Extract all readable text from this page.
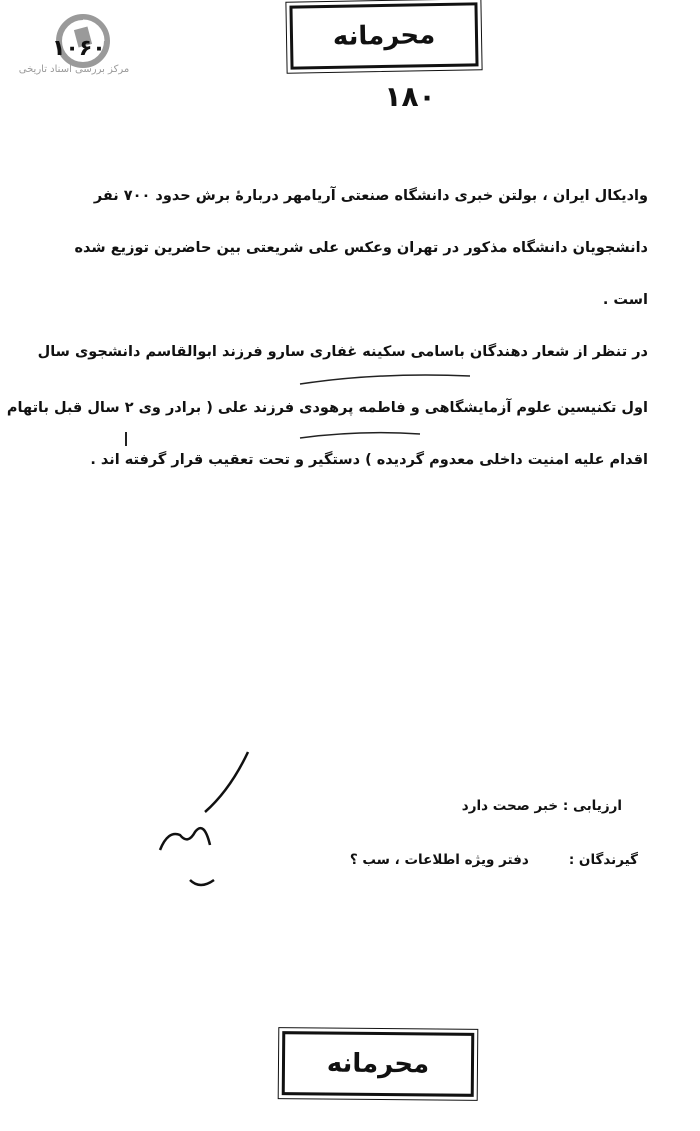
۱۰۶۰
مرکز بررسی اسناد تاریخی
محرمانه
۱۸۰
وادیکال ایران ، بولتن خبری دانشگاه صنعتی آریامهر دربارهٔ برش حدود ۷۰۰ نفر
دانشجویان دانشگاه مذکور در تهران وعکس علی شریعتی بین حاضرین توزیع شده
است .
در تنظر از شعار دهندگان باسامی سکینه غفاری سارو فرزند ابوالقاسم دانشجوی سال
اول تکنیسین علوم آزمایشگاهی و فاطمه پرهودی فرزند علی ( برادر وی ۲ سال قبل باتهام
اقدام علیه امنیت داخلی معدوم گردیده ) دستگیر و تحت تعقیب قرار گرفته اند .
ارزیابی : خبر صحت دارد
گیرندگان :
دفتر ویژه اطلاعات ، سب ؟
محرمانه
